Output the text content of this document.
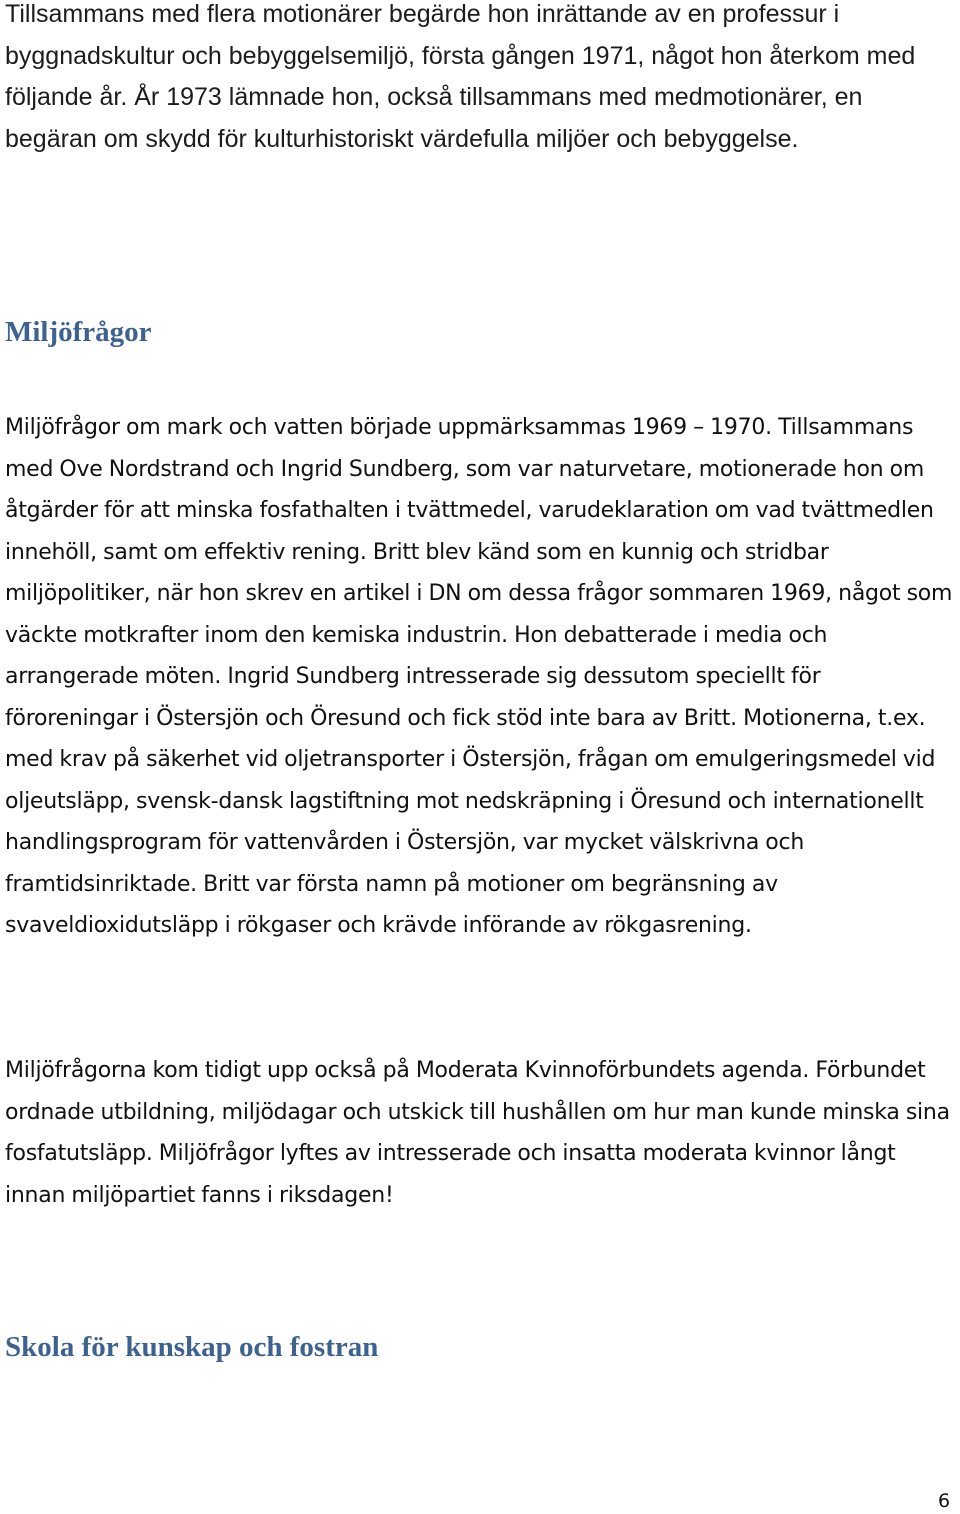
Tillsammans med flera motionärer begärde hon inrättande av en professur i byggnadskultur och bebyggelsemiljö, första gången 1971, något hon återkom med följande år. År 1973 lämnade hon, också tillsammans med medmotionärer, en begäran om skydd för kulturhistoriskt värdefulla miljöer och bebyggelse.

Miljöfrågor

Miljöfrågor om mark och vatten började uppmärksammas 1969 – 1970. Tillsammans med Ove Nordstrand och Ingrid Sundberg, som var naturvetare, motionerade hon om åtgärder för att minska fosfathalten i tvättmedel, varudeklaration om vad tvättmedlen innehöll, samt om effektiv rening. Britt blev känd som en kunnig och stridbar miljöpolitiker, när hon skrev en artikel i DN om dessa frågor sommaren 1969, något som väckte motkrafter inom den kemiska industrin. Hon debatterade i media och arrangerade möten. Ingrid Sundberg intresserade sig dessutom speciellt för föroreningar i Östersjön och Öresund och fick stöd inte bara av Britt. Motionerna, t.ex. med krav på säkerhet vid oljetransporter i Östersjön, frågan om emulgeringsmedel vid oljeutsläpp, svensk-dansk lagstiftning mot nedskräpning i Öresund och internationellt handlingsprogram för vattenvården i Östersjön, var mycket välskrivna och framtidsinriktade. Britt var första namn på motioner om begränsning av svaveldioxidutsläpp i rökgaser och krävde införande av rökgasrening.

Miljöfrågorna kom tidigt upp också på Moderata Kvinnoförbundets agenda. Förbundet ordnade utbildning, miljödagar och utskick till hushållen om hur man kunde minska sina fosfatutsläpp. Miljöfrågor lyftes av intresserade och insatta moderata kvinnor långt innan miljöpartiet fanns i riksdagen!

Skola för kunskap och fostran

6
